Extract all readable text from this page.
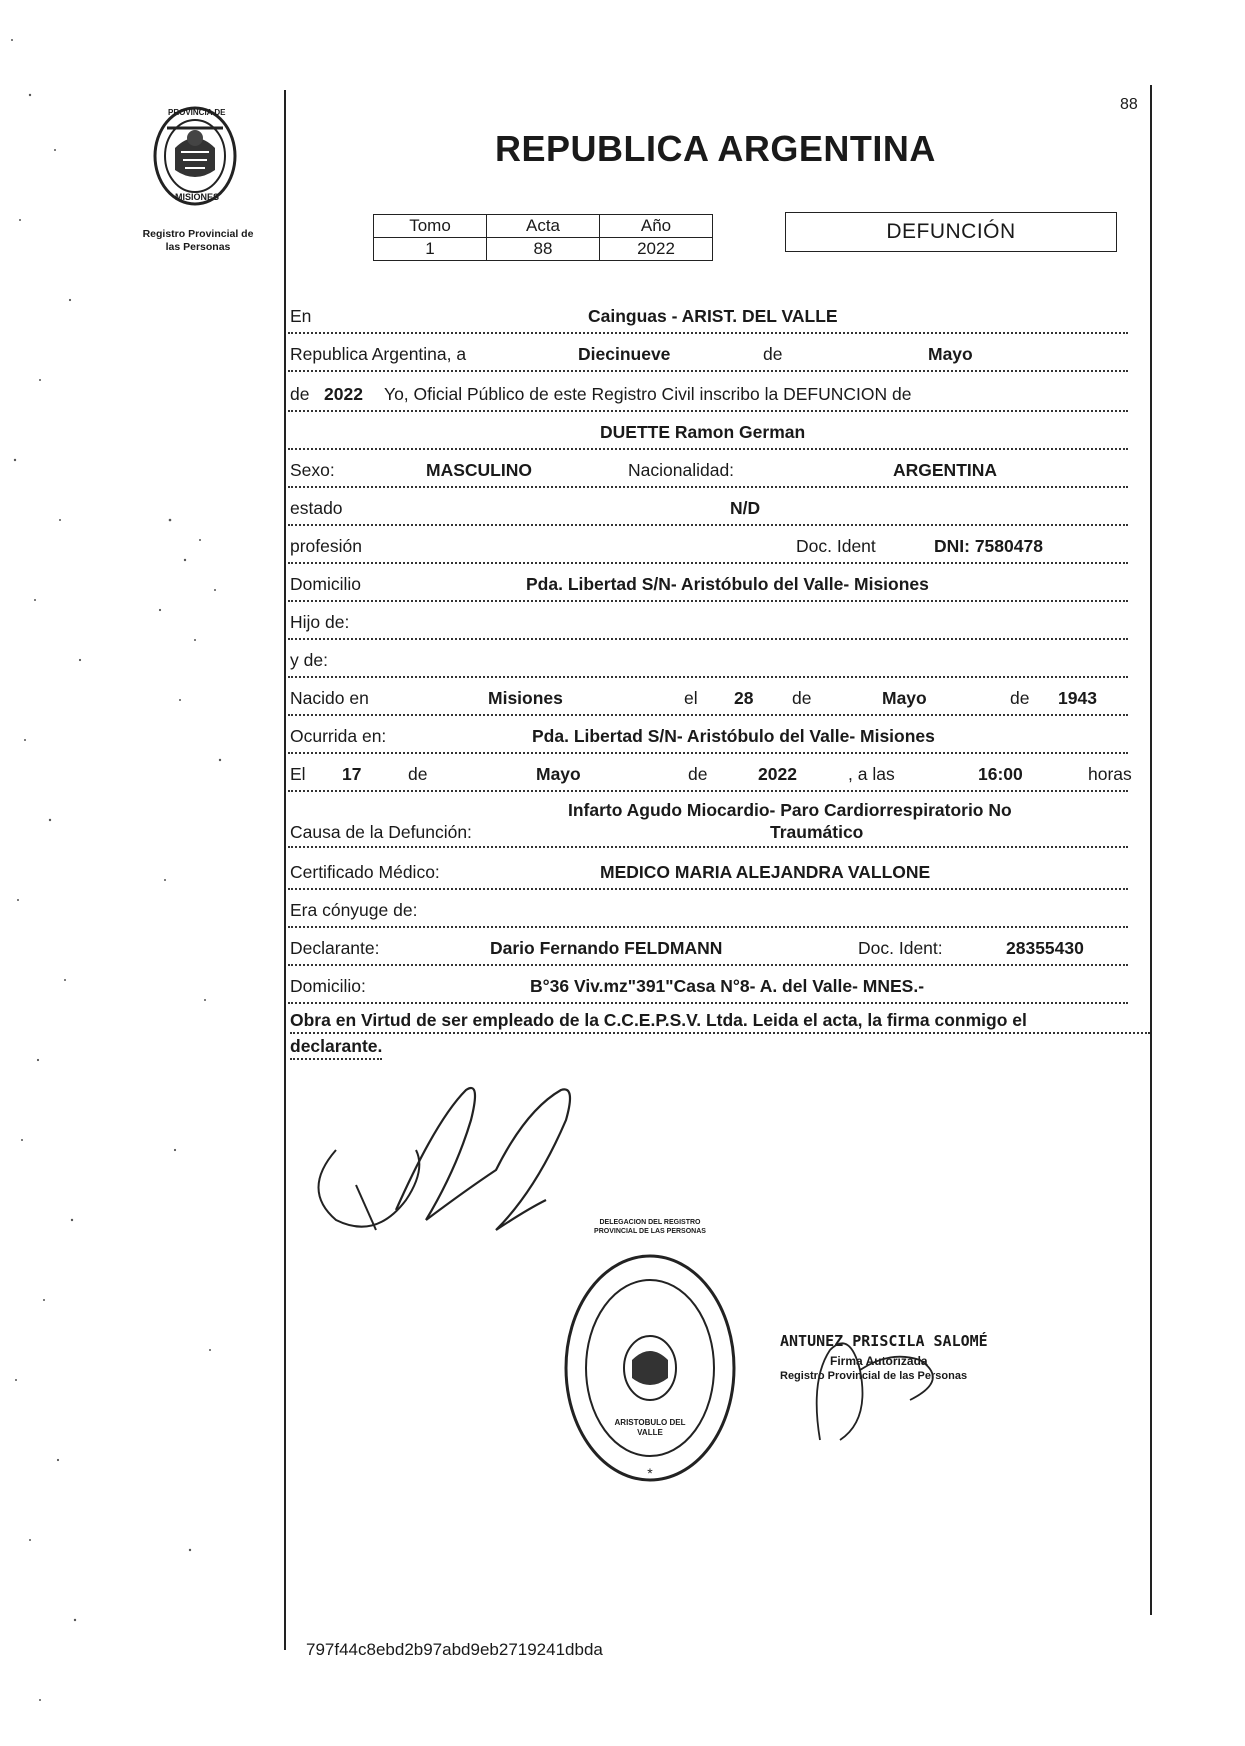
88
PROVINCIA DE
MISIONES
Registro Provincial de
las Personas
REPUBLICA ARGENTINA
Tomo	Acta	Año
1	88	2022
DEFUNCIÓN
En	Cainguas - ARIST. DEL VALLE
Republica Argentina, a	Diecinueve	de	Mayo
de 2022 Yo, Oficial Público de este Registro Civil inscribo la DEFUNCION de
DUETTE Ramon German
Sexo:	MASCULINO	Nacionalidad:	ARGENTINA
estado	N/D
profesión	Doc. Ident	DNI: 7580478
Domicilio	Pda. Libertad S/N- Aristóbulo del Valle- Misiones
Hijo de:
y de:
Nacido en	Misiones	el 28 de	Mayo	de 1943
Ocurrida en:	Pda. Libertad S/N- Aristóbulo del Valle- Misiones
El 17	de	Mayo	de	2022	, a las	16:00	horas
Causa de la Defunción:
Infarto Agudo Miocardio- Paro Cardiorrespiratorio No
Traumático
Certificado Médico:	MEDICO MARIA ALEJANDRA VALLONE
Era cónyuge de:
Declarante:	Dario Fernando FELDMANN	Doc. Ident:	28355430
Domicilio:	B°36 Viv.mz"391"Casa N°8- A. del Valle- MNES.-
Obra en Virtud de ser empleado de la C.C.E.P.S.V. Ltda. Leida el acta, la firma conmigo el
declarante.
*
DELEGACION DEL REGISTRO PROVINCIAL DE LAS PERSONAS
ARISTOBULO DEL VALLE
ANTUNEZ PRISCILA SALOMÉ
Firma Autorizada
Registro Provincial de las Personas
797f44c8ebd2b97abd9eb2719241dbda
